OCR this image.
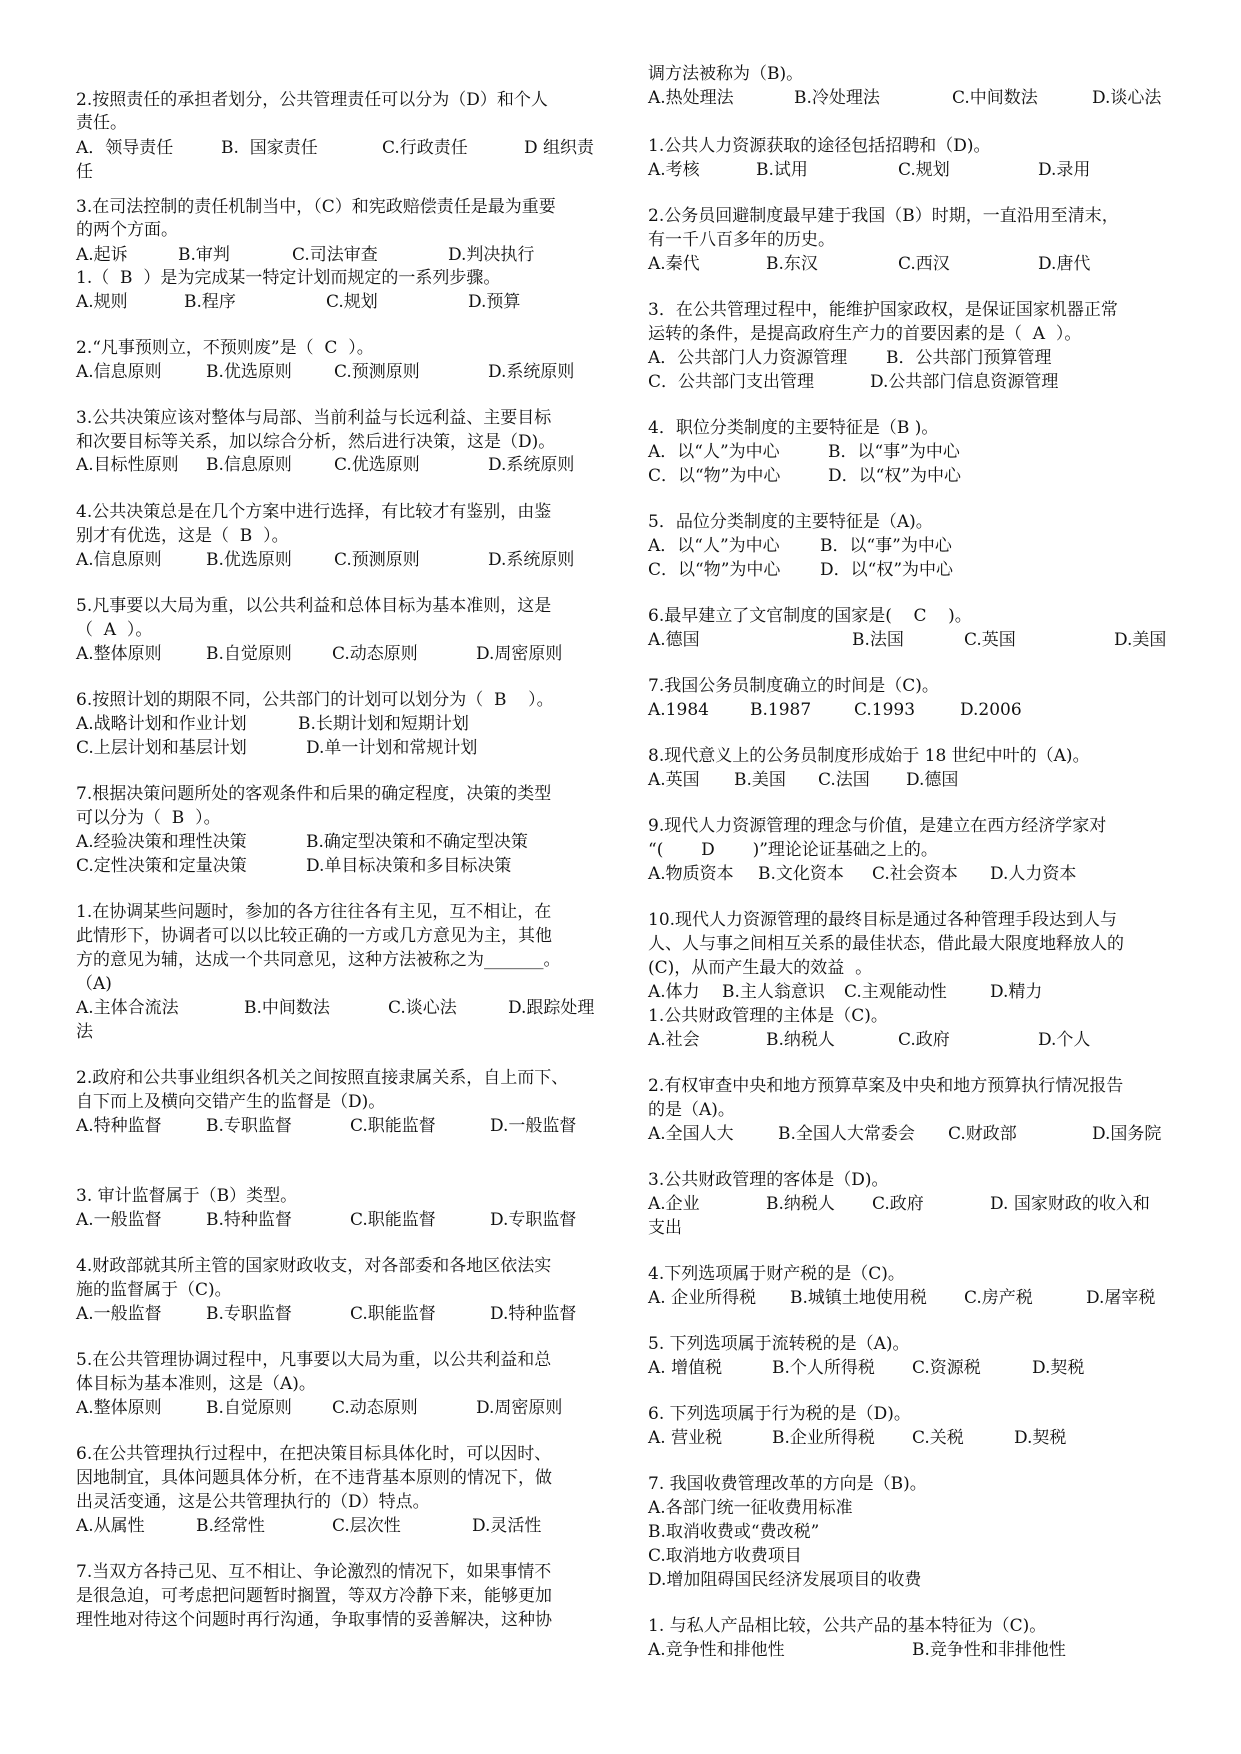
2.按照责任的承担者划分，公共管理责任可以分为（D）和个人
责任。
A．领导责任	B.  国家责任	C.行政责任	D 组织责
任
3.在司法控制的责任机制当中，（C）和宪政赔偿责任是最为重要
的两个方面。
A.起诉	B.审判	C.司法审查	D.判决执行
1.（  B  ）是为完成某一特定计划而规定的一系列步骤。
A.规则	B.程序	C.规划	D.预算
2.“凡事预则立，不预则废”是（  C  ）。
A.信息原则	B.优选原则 C.预测原则	D.系统原则
3.公共决策应该对整体与局部、当前利益与长远利益、主要目标
和次要目标等关系，加以综合分析，然后进行决策，这是（D)。
A.目标性原则 B.信息原则 C.优选原则	D.系统原则
4.公共决策总是在几个方案中进行选择，有比较才有鉴别，由鉴
别才有优选，这是（  B  ）。
A.信息原则	B.优选原则 C.预测原则	D.系统原则
5.凡事要以大局为重，以公共利益和总体目标为基本准则，这是
（  A  ）。
A.整体原则	B.自觉原则 C.动态原则	D.周密原则
6.按照计划的期限不同，公共部门的计划可以划分为（  B    ）。
A.战略计划和作业计划	B.长期计划和短期计划
C.上层计划和基层计划	D.单一计划和常规计划
7.根据决策问题所处的客观条件和后果的确定程度，决策的类型
可以分为（  B  ）。
A.经验决策和理性决策	B.确定型决策和不确定型决策
C.定性决策和定量决策	D.单目标决策和多目标决策
1.在协调某些问题时，参加的各方往往各有主见，互不相让，在
此情形下，协调者可以以比较正确的一方或几方意见为主，其他
方的意见为辅，达成一个共同意见，这种方法被称之为_______。
（A)
A.主体合流法	B.中间数法	C.谈心法	D.跟踪处理
法
2.政府和公共事业组织各机关之间按照直接隶属关系，自上而下、
自下而上及横向交错产生的监督是（D)。
A.特种监督	B.专职监督	C.职能监督	D.一般监督
3. 审计监督属于（B）类型。
A.一般监督	B.特种监督	C.职能监督	D.专职监督
4.财政部就其所主管的国家财政收支，对各部委和各地区依法实
施的监督属于（C)。
A.一般监督	B.专职监督	C.职能监督	D.特种监督
5.在公共管理协调过程中，凡事要以大局为重，以公共利益和总
体目标为基本准则，这是（A)。
A.整体原则	B.自觉原则 C.动态原则	D.周密原则
6.在公共管理执行过程中，在把决策目标具体化时，可以因时、
因地制宜，具体问题具体分析，在不违背基本原则的情况下，做
出灵活变通，这是公共管理执行的（D）特点。
A.从属性	B.经常性	C.层次性	D.灵活性
7.当双方各持己见、互不相让、争论激烈的情况下，如果事情不
是很急迫，可考虑把问题暂时搁置，等双方冷静下来，能够更加
理性地对待这个问题时再行沟通，争取事情的妥善解决，这种协
调方法被称为（B)。
A.热处理法	B.冷处理法	C.中间数法	D.谈心法
1.公共人力资源获取的途径包括招聘和（D)。
A.考核	B.试用	C.规划	D.录用
2.公务员回避制度最早建于我国（B）时期，一直沿用至清末，
有一千八百多年的历史。
A.秦代	B.东汉	C.西汉	D.唐代
3．在公共管理过程中，能维护国家政权，是保证国家机器正常
运转的条件，是提高政府生产力的首要因素的是（  A  ）。
A．公共部门人力资源管理 B．公共部门预算管理
C．公共部门支出管理	D.公共部门信息资源管理
4．职位分类制度的主要特征是（B )。
A．以“人”为中心	B．以“事”为中心
C．以“物”为中心	D．以“权”为中心
5．品位分类制度的主要特征是（A)。
A．以“人”为中心 B．以“事”为中心
C．以“物”为中心 D．以“权”为中心
6.最早建立了文官制度的国家是(    C    )。
A.德国	B.法国	C.英国	D.美国
7.我国公务员制度确立的时间是（C)。
A.1984 B.1987	C.1993	D.2006
8.现代意义上的公务员制度形成始于 18 世纪中叶的（A)。
A.英国 B.美国 C.法国 D.德国
9.现代人力资源管理的理念与价值，是建立在西方经济学家对
“(       D       )”理论论证基础之上的。
A.物质资本 B.文化资本 C.社会资本 D.人力资本
10.现代人力资源管理的最终目标是通过各种管理手段达到人与
人、人与事之间相互关系的最佳状态，借此最大限度地释放人的
(C)，从而产生最大的效益  。
A.体力 B.主人翁意识 C.主观能动性	D.精力
1.公共财政管理的主体是（C)。
A.社会	B.纳税人	C.政府	D.个人
2.有权审查中央和地方预算草案及中央和地方预算执行情况报告
的是（A)。
A.全国人大	B.全国人大常委会 C.财政部	D.国务院
3.公共财政管理的客体是（D)。
A.企业	B.纳税人 C.政府	D. 国家财政的收入和
支出
4.下列选项属于财产税的是（C)。
A. 企业所得税 B.城镇土地使用税 C.房产税	D.屠宰税
5. 下列选项属于流转税的是（A)。
A. 增值税	B.个人所得税 C.资源税	D.契税
6. 下列选项属于行为税的是（D)。
A. 营业税	B.企业所得税 C.关税	D.契税
7. 我国收费管理改革的方向是（B)。
A.各部门统一征收费用标准
B.取消收费或“费改税”
C.取消地方收费项目
D.增加阻碍国民经济发展项目的收费
1. 与私人产品相比较，公共产品的基本特征为（C)。
A.竞争性和排他性	B.竞争性和非排他性
